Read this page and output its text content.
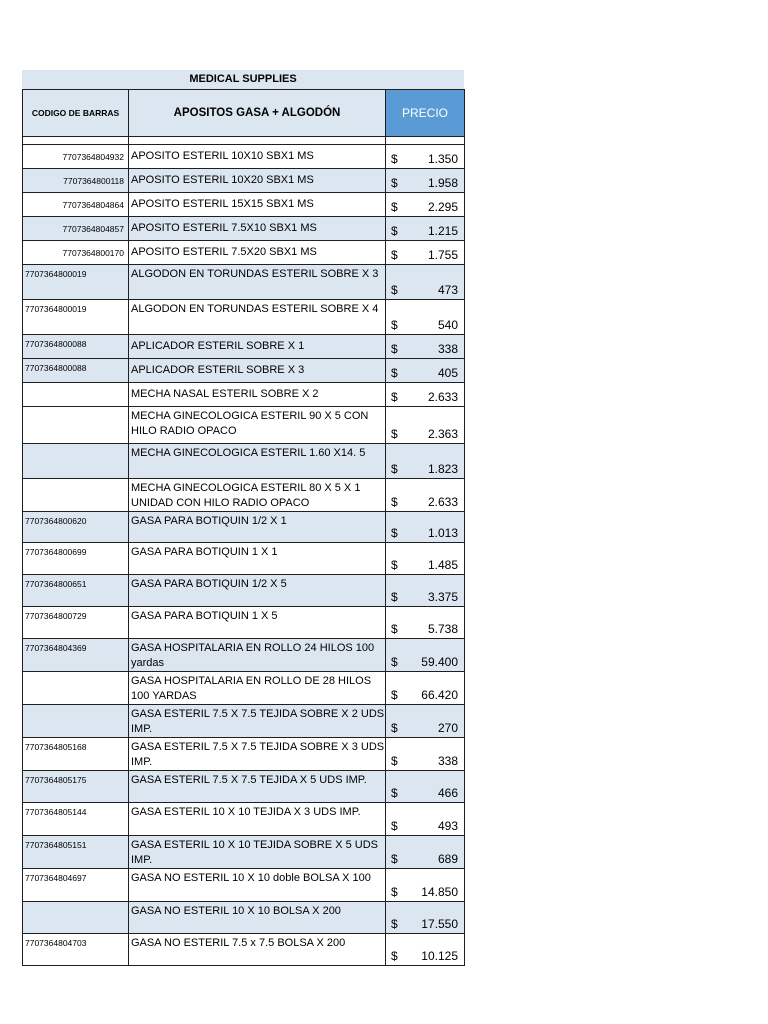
MEDICAL SUPPLIES
CODIGO DE BARRAS	APOSITOS GASA + ALGODÓN	PRECIO

7707364804932	APOSITO ESTERIL 10X10 SBX1 MS	$ 1.350

7707364800118	APOSITO ESTERIL 10X20 SBX1 MS	$ 1.958

7707364804864	APOSITO ESTERIL 15X15 SBX1 MS	$ 2.295

7707364804857	APOSITO ESTERIL 7.5X10 SBX1 MS	$ 1.215

7707364800170	APOSITO ESTERIL 7.5X20 SBX1 MS	$ 1.755

7707364800019	ALGODON EN TORUNDAS ESTERIL SOBRE X 3	$ 473

7707364800019	ALGODON EN TORUNDAS ESTERIL SOBRE X 4	$ 540

7707364800088	APLICADOR ESTERIL SOBRE X 1	$ 338

7707364800088	APLICADOR ESTERIL SOBRE X 3	$ 405

	MECHA NASAL ESTERIL SOBRE X 2	$ 2.633

	MECHA GINECOLOGICA ESTERIL 90 X 5 CON HILO RADIO OPACO	$ 2.363

	MECHA GINECOLOGICA ESTERIL 1.60 X14. 5	$ 1.823

	MECHA GINECOLOGICA ESTERIL 80 X 5 X 1 UNIDAD CON HILO RADIO OPACO	$ 2.633

7707364800620	GASA PARA BOTIQUIN 1/2 X 1	$ 1.013

7707364800699	GASA PARA BOTIQUIN 1 X 1	$ 1.485

7707364800651	GASA PARA BOTIQUIN 1/2 X 5	$ 3.375

7707364800729	GASA PARA BOTIQUIN 1 X 5	$ 5.738

7707364804369	GASA HOSPITALARIA EN ROLLO 24 HILOS 100 yardas	$ 59.400

	GASA HOSPITALARIA EN ROLLO DE 28 HILOS 100 YARDAS	$ 66.420

	GASA ESTERIL 7.5 X 7.5 TEJIDA SOBRE X 2 UDS IMP.	$ 270

7707364805168	GASA ESTERIL 7.5 X 7.5 TEJIDA SOBRE X 3 UDS IMP.	$ 338

7707364805175	GASA ESTERIL 7.5 X 7.5 TEJIDA X 5 UDS IMP.	$ 466

7707364805144	GASA ESTERIL 10 X 10 TEJIDA X 3 UDS IMP.	$ 493

7707364805151	GASA ESTERIL 10 X 10 TEJIDA SOBRE X 5 UDS IMP.	$ 689

7707364804697	GASA NO ESTERIL 10 X 10 doble BOLSA X 100	$ 14.850

	GASA NO ESTERIL 10 X 10 BOLSA X 200	$ 17.550

7707364804703	GASA NO ESTERIL 7.5 x 7.5 BOLSA X 200	$ 10.125
